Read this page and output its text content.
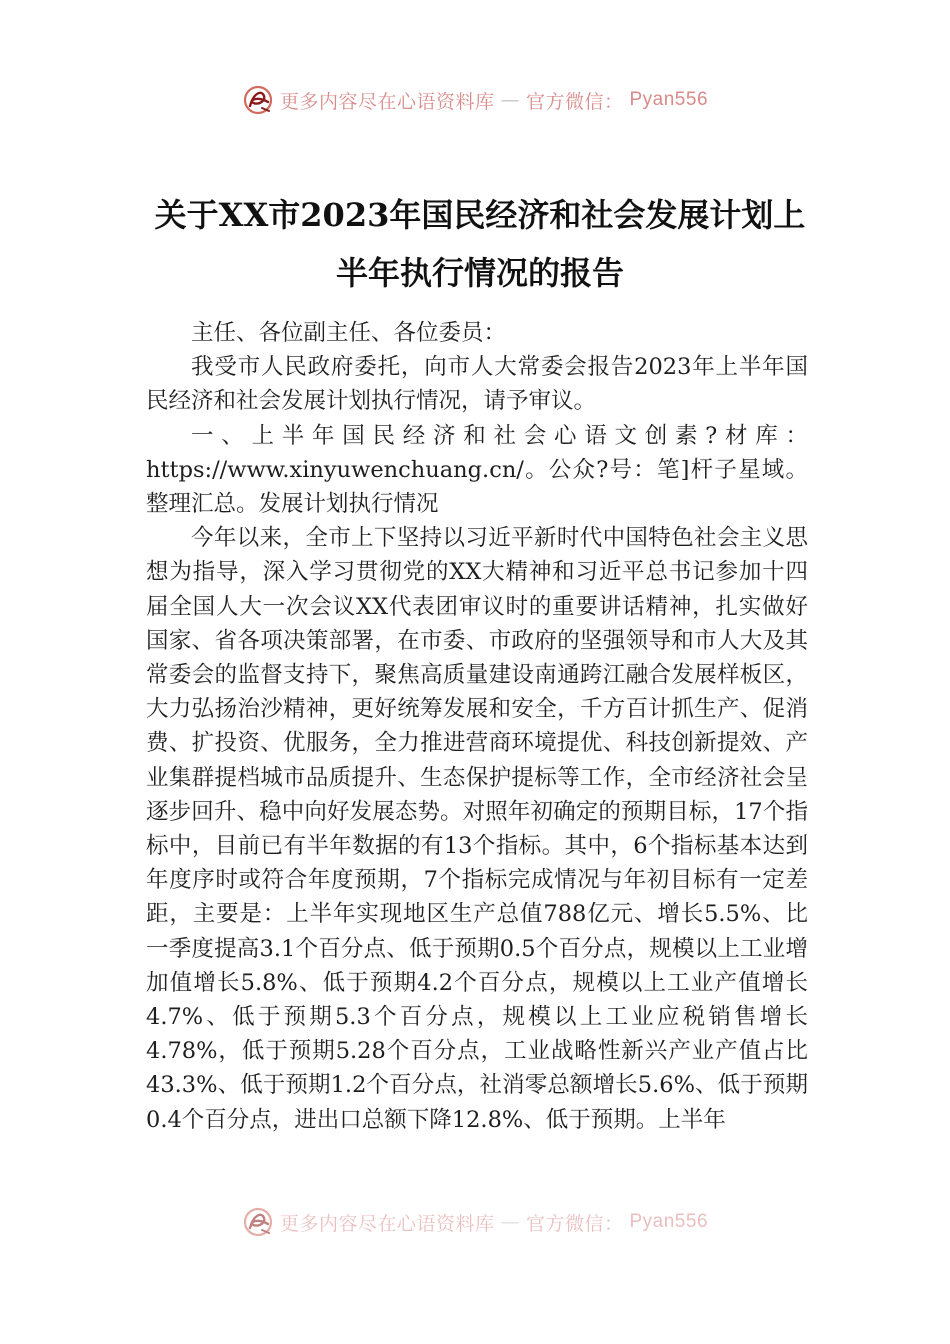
更多内容尽在心语资料库 — 官方微信： Pyan556
关于XX市2023年国民经济和社会发展计划上半年执行情况的报告

主任、各位副主任、各位委员：

我受市人民政府委托，向市人大常委会报告2023年上半年国民经济和社会发展计划执行情况，请予审议。

一、上半年国民经济和社会心语文创素?材库：https://www.xinyuwenchuang.cn/。公众?号：笔]杆子星域。整理汇总。发展计划执行情况

今年以来，全市上下坚持以习近平新时代中国特色社会主义思想为指导，深入学习贯彻党的XX大精神和习近平总书记参加十四届全国人大一次会议XX代表团审议时的重要讲话精神，扎实做好国家、省各项决策部署，在市委、市政府的坚强领导和市人大及其常委会的监督支持下，聚焦高质量建设南通跨江融合发展样板区，大力弘扬治沙精神，更好统筹发展和安全，千方百计抓生产、促消费、扩投资、优服务，全力推进营商环境提优、科技创新提效、产业集群提档城市品质提升、生态保护提标等工作，全市经济社会呈逐步回升、稳中向好发展态势。对照年初确定的预期目标，17个指标中，目前已有半年数据的有13个指标。其中，6个指标基本达到年度序时或符合年度预期，7个指标完成情况与年初目标有一定差距，主要是：上半年实现地区生产总值788亿元、增长5.5%、比一季度提高3.1个百分点、低于预期0.5个百分点，规模以上工业增加值增长5.8%、低于预期4.2个百分点，规模以上工业产值增长4.7%、低于预期5.3个百分点，规模以上工业应税销售增长4.78%，低于预期5.28个百分点，工业战略性新兴产业产值占比43.3%、低于预期1.2个百分点，社消零总额增长5.6%、低于预期0.4个百分点，进出口总额下降12.8%、低于预期。上半年

更多内容尽在心语资料库 — 官方微信： Pyan556
